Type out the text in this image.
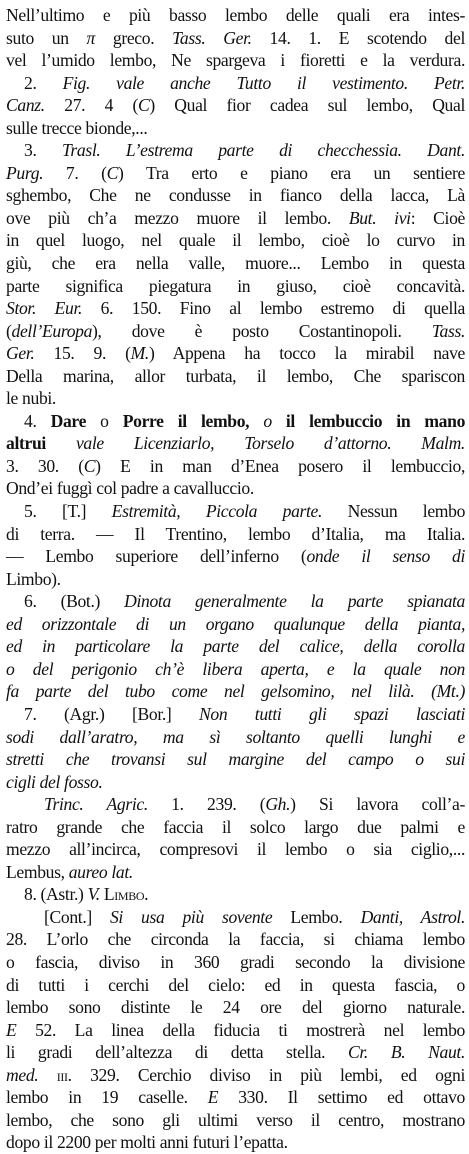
Nell’ultimo e più basso lembo delle quali era intes-
suto un π greco. Tass. Ger. 14. 1. E scotendo del
vel l’umido lembo, Ne spargeva i fioretti e la verdura.
2. Fig. vale anche Tutto il vestimento. Petr.
Canz. 27. 4 (C) Qual fior cadea sul lembo, Qual
sulle trecce bionde,...
3. Trasl. L’estrema parte di checchessia. Dant.
Purg. 7. (C) Tra erto e piano era un sentiere
sghembo, Che ne condusse in fianco della lacca, Là
ove più ch’a mezzo muore il lembo. But. ivi: Cioè
in quel luogo, nel quale il lembo, cioè lo curvo in
giù, che era nella valle, muore... Lembo in questa
parte significa piegatura in giuso, cioè concavità.
Stor. Eur. 6. 150. Fino al lembo estremo di quella
(dell’Europa), dove è posto Costantinopoli. Tass.
Ger. 15. 9. (M.) Appena ha tocco la mirabil nave
Della marina, allor turbata, il lembo, Che spariscon
le nubi.
4. Dare o Porre il lembo, o il lembuccio in mano
altrui vale Licenziarlo, Torselo d’attorno. Malm.
3. 30. (C) E in man d’Enea posero il lembuccio,
Ond’ei fuggì col padre a cavalluccio.
5. [T.] Estremità, Piccola parte. Nessun lembo
di terra. — Il Trentino, lembo d’Italia, ma Italia.
— Lembo superiore dell’inferno (onde il senso di
Limbo).
6. (Bot.) Dinota generalmente la parte spianata
ed orizzontale di un organo qualunque della pianta,
ed in particolare la parte del calice, della corolla
o del perigonio ch’è libera aperta, e la quale non
fa parte del tubo come nel gelsomino, nel lilà. (Mt.)
7. (Agr.) [Bor.] Non tutti gli spazi lasciati
sodi dall’aratro, ma sì soltanto quelli lunghi e
stretti che trovansi sul margine del campo o sui
cigli del fosso.
Trinc. Agric. 1. 239. (Gh.) Si lavora coll’a-
ratro grande che faccia il solco largo due palmi e
mezzo all’incirca, compresovi il lembo o sia ciglio,...
Lembus, aureo lat.
8. (Astr.) V. Limbo.
[Cont.] Si usa più sovente Lembo. Danti, Astrol.
28. L’orlo che circonda la faccia, si chiama lembo
o fascia, diviso in 360 gradi secondo la divisione
di tutti i cerchi del cielo: ed in questa fascia, o
lembo sono distinte le 24 ore del giorno naturale.
E 52. La linea della fiducia ti mostrerà nel lembo
li gradi dell’altezza di detta stella. Cr. B. Naut.
med. iii. 329. Cerchio diviso in più lembi, ed ogni
lembo in 19 caselle. E 330. Il settimo ed ottavo
lembo, che sono gli ultimi verso il centro, mostrano
dopo il 2200 per molti anni futuri l’epatta.
